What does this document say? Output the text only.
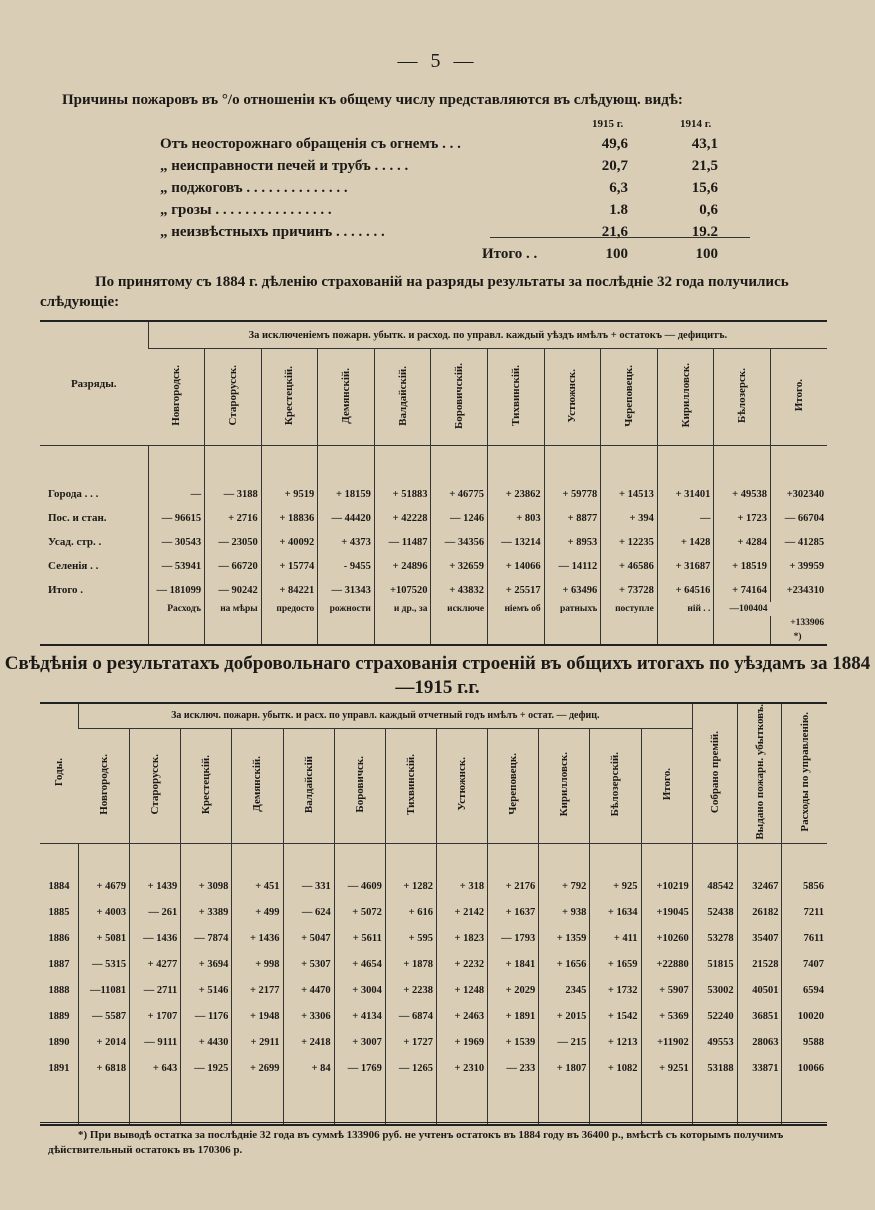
— 5 —
Причины пожаровъ въ °/о отношенiи къ общему числу представляются въ слѣдующ. видѣ:
1915 г.	1914 г.
Отъ неосторожнаго обращенія съ огнемъ . . .	49,6	43,1
„ неисправности печей и трубъ . . . . .	20,7	21,5
„ поджоговъ . . . . . . . . . . . . . .	6,3	15,6
„ грозы . . . . . . . . . . . . . . . .	1.8	0,6
„ неизвѣстныхъ причинъ . . . . . . .	21,6	19.2
Итого . .	100	100
По принятому съ 1884 г. дѣленію страхованій на разряды результаты за послѣдніе 32 года получились слѣдующіе:
Разряды.	За исключеніемъ пожарн. убытк. и расход. по управл. каждый уѣздъ имѣлъ + остатокъ — дефицитъ.											
	Новгородск.	Старорусск.	Крестецкій.	Демянскій.	Валдайскій.	Боровичскій.	Тихвинскій.	Устюжнск.	Череповецк.	Кирилловск.	Бѣлозерск.	Итого.

Города . . .	—	— 3188	+ 9519	+ 18159	+ 51883	+ 46775	+ 23862	+ 59778	+ 14513	+ 31401	+ 49538	+302340
Пос. и стан.	— 96615	+ 2716	+ 18836	— 44420	+ 42228	— 1246	+ 803	+ 8877	+ 394	—	+ 1723	— 66704
Усад. стр. .	— 30543	— 23050	+ 40092	+ 4373	— 11487	— 34356	— 13214	+ 8953	+ 12235	+ 1428	+ 4284	— 41285
Селенія . .	— 53941	— 66720	+ 15774	- 9455	+ 24896	+ 32659	+ 14066	— 14112	+ 46586	+ 31687	+ 18519	+ 39959
Итого .	— 181099	— 90242	+ 84221	— 31343	+107520	+ 43832	+ 25517	+ 63496	+ 73728	+ 64516	+ 74164	+234310
	Расходъ	на мѣры	предосто	рожности	и др., за	исключе	ніемъ об	ратныхъ	поступле	ній . .	—100404	
												+133906
												*)
Свѣдѣнія о результатахъ добровольнаго страхованія строеній въ общихъ итогахъ по уѣздамъ за 1884—1915 г.г.
Годы.	За исключ. пожарн. убытк. и расх. по управл. каждый отчетный годъ имѣлъ + остат. — дефиц.												Собрано премій.	Выдано пожарн. убытковъ.	Расходы по управленію.
	Новгородск.	Старорусск.	Крестецкій.	Демянскій.	Валдайскій	Боровичск.	Тихвинскій.	Устюжнск.	Череповецк.	Кирилловск.	Бѣлозерскій.	Итого.			

1884	+ 4679	+ 1439	+ 3098	+ 451	— 331	— 4609	+ 1282	+ 318	+ 2176	+ 792	+ 925	+10219	48542	32467	5856
1885	+ 4003	— 261	+ 3389	+ 499	— 624	+ 5072	+ 616	+ 2142	+ 1637	+ 938	+ 1634	+19045	52438	26182	7211
1886	+ 5081	— 1436	— 7874	+ 1436	+ 5047	+ 5611	+ 595	+ 1823	— 1793	+ 1359	+ 411	+10260	53278	35407	7611
1887	— 5315	+ 4277	+ 3694	+ 998	+ 5307	+ 4654	+ 1878	+ 2232	+ 1841	+ 1656	+ 1659	+22880	51815	21528	7407
1888	—11081	— 2711	+ 5146	+ 2177	+ 4470	+ 3004	+ 2238	+ 1248	+ 2029	2345	+ 1732	+ 5907	53002	40501	6594
1889	— 5587	+ 1707	— 1176	+ 1948	+ 3306	+ 4134	— 6874	+ 2463	+ 1891	+ 2015	+ 1542	+ 5369	52240	36851	10020
1890	+ 2014	— 9111	+ 4430	+ 2911	+ 2418	+ 3007	+ 1727	+ 1969	+ 1539	— 215	+ 1213	+11902	49553	28063	9588
1891	+ 6818	+ 643	— 1925	+ 2699	+ 84	— 1769	— 1265	+ 2310	— 233	+ 1807	+ 1082	+ 9251	53188	33871	10066

*) При выводѣ остатка за послѣдніе 32 года въ суммѣ 133906 руб. не учтенъ остатокъ въ 1884 году въ 36400 р., вмѣстѣ съ которымъ получимъ дѣйствительный остатокъ въ 170306 р.
